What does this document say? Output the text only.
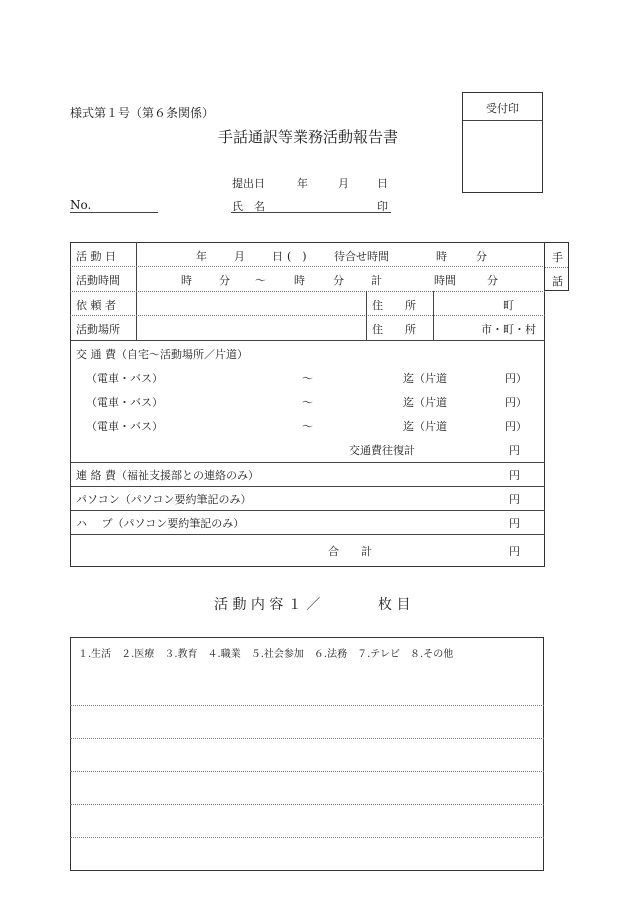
様式第１号（第６条関係）
手話通訳等業務活動報告書
受付印
提出日	年	月	日
No.	氏　名	印
手
話
活 動 日	年 月 日 (　) 待合せ時間	時	分
活動時間	時 分 〜	時	分 計	時間	分
依 頼 者	住　　所	町
活動場所	住　　所	市・町・村
交 通 費（自宅〜活動場所／片道）
（電車・バス）	〜	迄（片道	円）
（電車・バス）	〜	迄（片道	円）
（電車・バス）	〜	迄（片道	円）
交通費往復計	円
連 絡 費（福祉支援部との連絡のみ）	円
パソコン（パソコン要約筆記のみ）	円
ハ　 ブ（パソコン要約筆記のみ）	円
合　　計	円
活 動 内 容 １ ／	枚 目
１.生活　２.医療　３.教育　４.職業　５.社会参加　６.法務　７.テレビ　８.その他
